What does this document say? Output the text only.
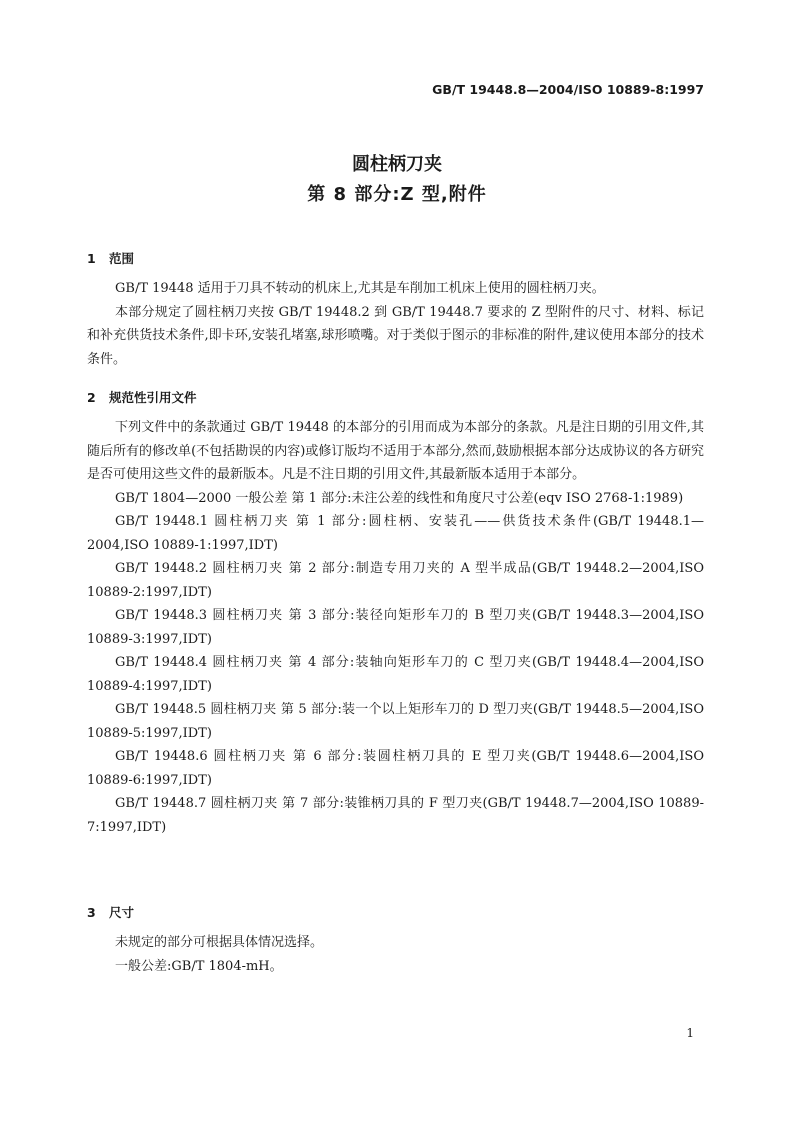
GB/T 19448.8—2004/ISO 10889-8:1997
圆柱柄刀夹
第 8 部分:Z 型,附件
1 范围

GB/T 19448 适用于刀具不转动的机床上,尤其是车削加工机床上使用的圆柱柄刀夹。

本部分规定了圆柱柄刀夹按 GB/T 19448.2 到 GB/T 19448.7 要求的 Z 型附件的尺寸、材料、标记和补充供货技术条件,即卡环,安装孔堵塞,球形喷嘴。对于类似于图示的非标准的附件,建议使用本部分的技术条件。

2 规范性引用文件

下列文件中的条款通过 GB/T 19448 的本部分的引用而成为本部分的条款。凡是注日期的引用文件,其随后所有的修改单(不包括勘误的内容)或修订版均不适用于本部分,然而,鼓励根据本部分达成协议的各方研究是否可使用这些文件的最新版本。凡是不注日期的引用文件,其最新版本适用于本部分。

GB/T 1804—2000 一般公差 第 1 部分:未注公差的线性和角度尺寸公差(eqv ISO 2768-1:1989)

GB/T 19448.1 圆柱柄刀夹 第 1 部分:圆柱柄、安装孔——供货技术条件(GB/T 19448.1—2004,ISO 10889-1:1997,IDT)

GB/T 19448.2 圆柱柄刀夹 第 2 部分:制造专用刀夹的 A 型半成品(GB/T 19448.2—2004,ISO 10889-2:1997,IDT)

GB/T 19448.3 圆柱柄刀夹 第 3 部分:装径向矩形车刀的 B 型刀夹(GB/T 19448.3—2004,ISO 10889-3:1997,IDT)

GB/T 19448.4 圆柱柄刀夹 第 4 部分:装轴向矩形车刀的 C 型刀夹(GB/T 19448.4—2004,ISO 10889-4:1997,IDT)

GB/T 19448.5 圆柱柄刀夹 第 5 部分:装一个以上矩形车刀的 D 型刀夹(GB/T 19448.5—2004,ISO 10889-5:1997,IDT)

GB/T 19448.6 圆柱柄刀夹 第 6 部分:装圆柱柄刀具的 E 型刀夹(GB/T 19448.6—2004,ISO 10889-6:1997,IDT)

GB/T 19448.7 圆柱柄刀夹 第 7 部分:装锥柄刀具的 F 型刀夹(GB/T 19448.7—2004,ISO 10889-7:1997,IDT)

3 尺寸

未规定的部分可根据具体情况选择。

一般公差:GB/T 1804-mH。

1
